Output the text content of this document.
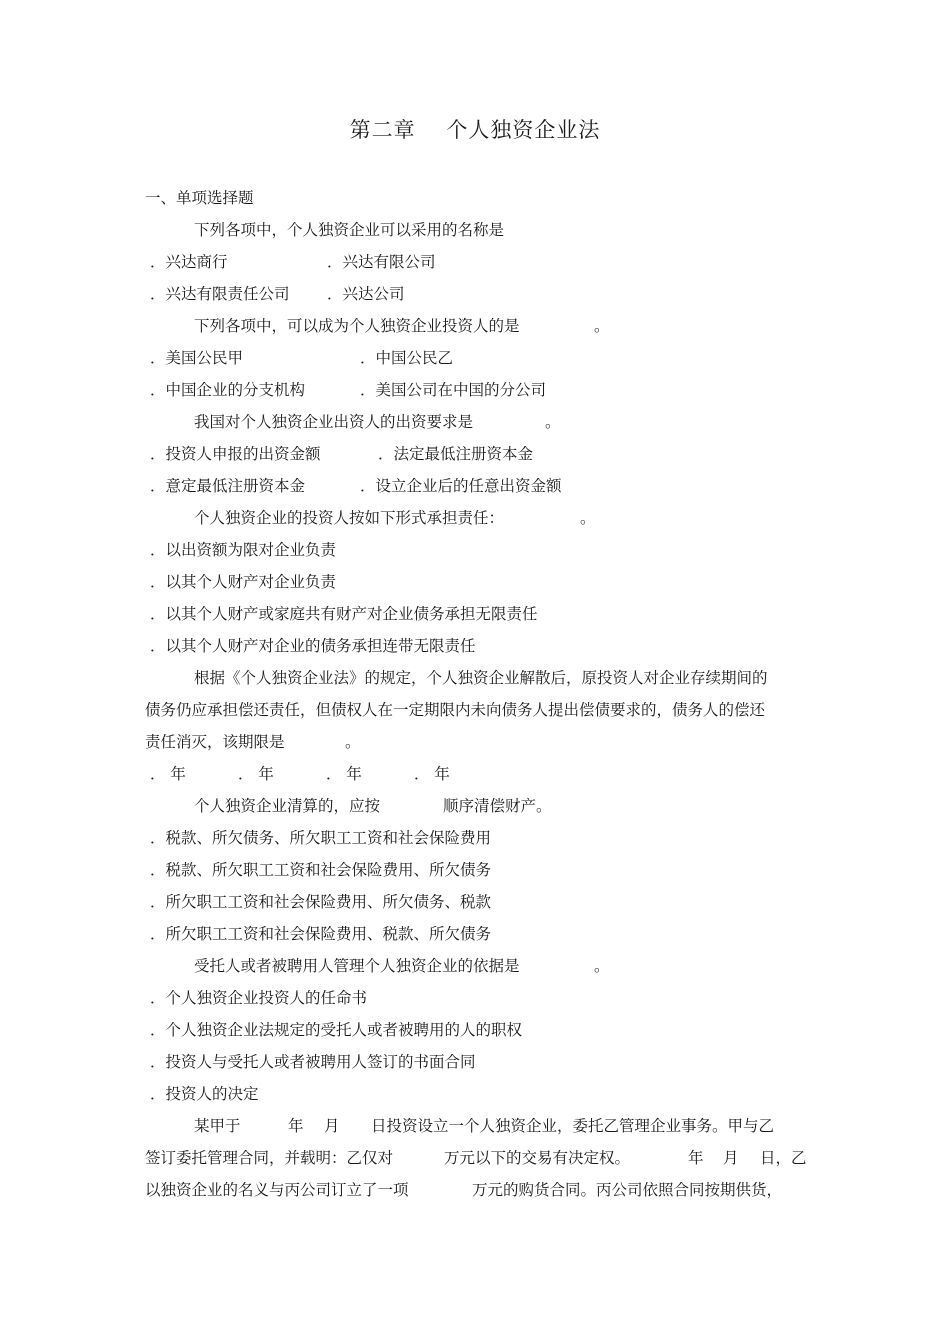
第二章    个人独资企业法
一、单项选择题
下列各项中，个人独资企业可以采用的名称是
．兴达商行	．兴达有限公司
．兴达有限责任公司 ．兴达公司
下列各项中，可以成为个人独资企业投资人的是	。
．美国公民甲	．中国公民乙
．中国企业的分支机构	．美国公司在中国的分公司
我国对个人独资企业出资人的出资要求是	。
．投资人申报的出资金额	．法定最低注册资本金
．意定最低注册资本金	．设立企业后的任意出资金额
个人独资企业的投资人按如下形式承担责任：	。
．以出资额为限对企业负责
．以其个人财产对企业负责
．以其个人财产或家庭共有财产对企业债务承担无限责任
．以其个人财产对企业的债务承担连带无限责任
根据《个人独资企业法》的规定，个人独资企业解散后，原投资人对企业存续期间的
债务仍应承担偿还责任，但债权人在一定期限内未向债务人提出偿债要求的，债务人的偿还
责任消灭，该期限是	。
． 年	． 年	． 年	． 年
个人独资企业清算的，应按	顺序清偿财产。
．税款、所欠债务、所欠职工工资和社会保险费用
．税款、所欠职工工资和社会保险费用、所欠债务
．所欠职工工资和社会保险费用、所欠债务、税款
．所欠职工工资和社会保险费用、税款、所欠债务
受托人或者被聘用人管理个人独资企业的依据是	。
．个人独资企业投资人的任命书
．个人独资企业法规定的受托人或者被聘用的人的职权
．投资人与受托人或者被聘用人签订的书面合同
．投资人的决定
某甲于	年 月 日投资设立一个人独资企业，委托乙管理企业事务。甲与乙
签订委托管理合同，并载明：乙仅对	万元以下的交易有决定权。	年 月 日，乙
以独资企业的名义与丙公司订立了一项	万元的购货合同。丙公司依照合同按期供货，
